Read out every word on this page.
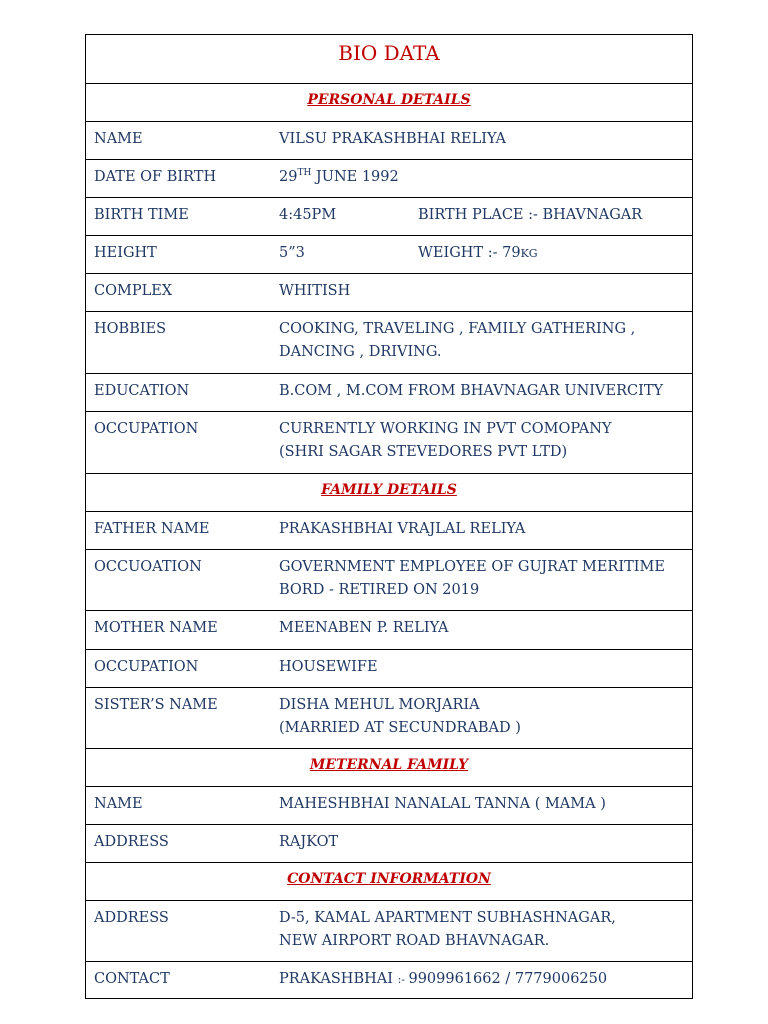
BIO DATA
PERSONAL DETAILS
NAME	VILSU PRAKASHBHAI RELIYA
DATE OF BIRTH	29TH JUNE 1992
BIRTH TIME	4:45PM	BIRTH PLACE :- BHAVNAGAR
HEIGHT	5”3	WEIGHT :- 79KG
COMPLEX	WHITISH
HOBBIES	COOKING, TRAVELING , FAMILY GATHERING ,
DANCING , DRIVING.
EDUCATION	B.COM , M.COM FROM BHAVNAGAR UNIVERCITY
OCCUPATION	CURRENTLY WORKING IN PVT COMOPANY
(SHRI SAGAR STEVEDORES PVT LTD)
FAMILY DETAILS
FATHER NAME	PRAKASHBHAI VRAJLAL RELIYA
OCCUOATION	GOVERNMENT EMPLOYEE OF GUJRAT MERITIME
BORD - RETIRED ON 2019
MOTHER NAME	MEENABEN P. RELIYA
OCCUPATION	HOUSEWIFE
SISTER’S NAME	DISHA MEHUL MORJARIA
(MARRIED AT SECUNDRABAD )
METERNAL FAMILY
NAME	MAHESHBHAI NANALAL TANNA ( MAMA )
ADDRESS	RAJKOT
CONTACT INFORMATION
ADDRESS	D-5, KAMAL APARTMENT SUBHASHNAGAR,
NEW AIRPORT ROAD BHAVNAGAR.
CONTACT	PRAKASHBHAI :- 9909961662 / 7779006250
